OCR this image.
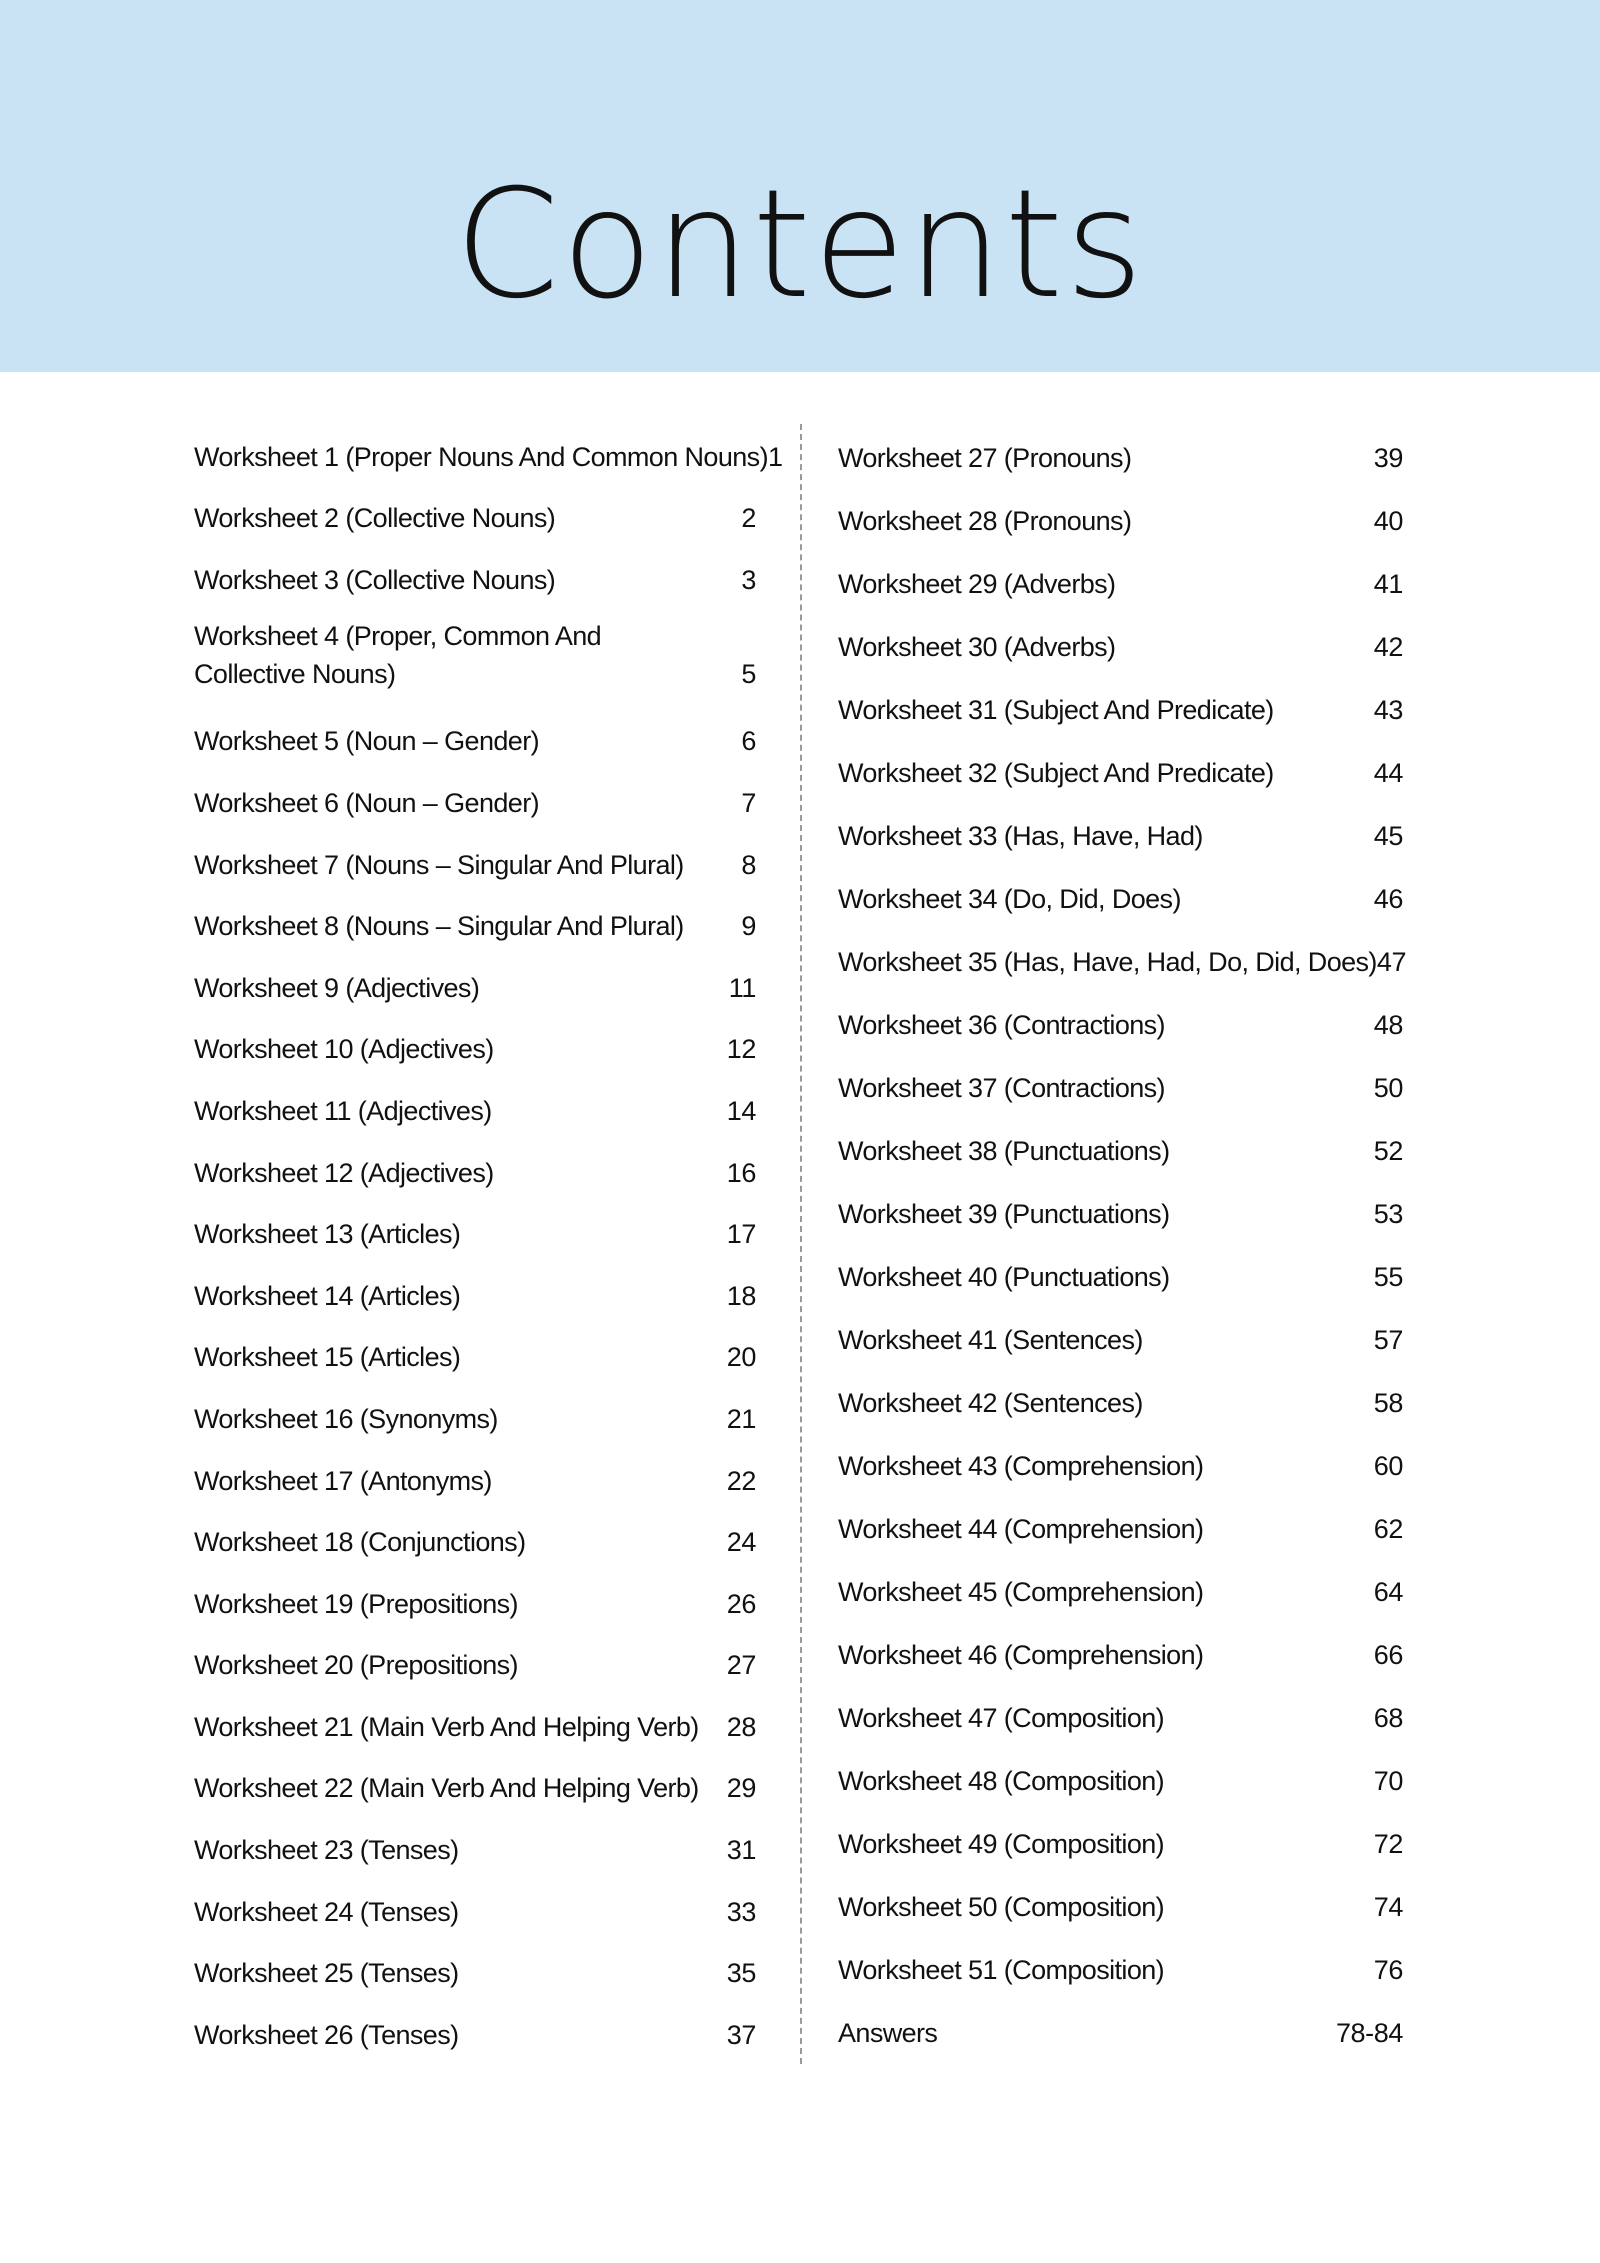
Contents
Worksheet 1 (Proper Nouns And Common Nouns) 1
Worksheet 2 (Collective Nouns)	2
Worksheet 3 (Collective Nouns)	3
Worksheet 4 (Proper, Common And Collective Nouns)	5
Worksheet 5 (Noun – Gender)	6
Worksheet 6 (Noun – Gender)	7
Worksheet 7 (Nouns – Singular And Plural) 8
Worksheet 8 (Nouns – Singular And Plural) 9
Worksheet 9 (Adjectives)	11
Worksheet 10 (Adjectives)	12
Worksheet 11 (Adjectives)	14
Worksheet 12 (Adjectives)	16
Worksheet 13 (Articles)	17
Worksheet 14 (Articles)	18
Worksheet 15 (Articles)	20
Worksheet 16 (Synonyms)	21
Worksheet 17 (Antonyms)	22
Worksheet 18 (Conjunctions)	24
Worksheet 19 (Prepositions)	26
Worksheet 20 (Prepositions)	27
Worksheet 21 (Main Verb And Helping Verb) 28
Worksheet 22 (Main Verb And Helping Verb) 29
Worksheet 23 (Tenses)	31
Worksheet 24 (Tenses)	33
Worksheet 25 (Tenses)	35
Worksheet 26 (Tenses)	37
Worksheet 27 (Pronouns)	39
Worksheet 28 (Pronouns)	40
Worksheet 29 (Adverbs)	41
Worksheet 30 (Adverbs)	42
Worksheet 31 (Subject And Predicate)	43
Worksheet 32 (Subject And Predicate)	44
Worksheet 33 (Has, Have, Had)	45
Worksheet 34 (Do, Did, Does)	46
Worksheet 35 (Has, Have, Had, Do, Did, Does) 47
Worksheet 36 (Contractions)	48
Worksheet 37 (Contractions)	50
Worksheet 38 (Punctuations)	52
Worksheet 39 (Punctuations)	53
Worksheet 40 (Punctuations)	55
Worksheet 41 (Sentences)	57
Worksheet 42 (Sentences)	58
Worksheet 43 (Comprehension)	60
Worksheet 44 (Comprehension)	62
Worksheet 45 (Comprehension)	64
Worksheet 46 (Comprehension)	66
Worksheet 47 (Composition)	68
Worksheet 48 (Composition)	70
Worksheet 49 (Composition)	72
Worksheet 50 (Composition)	74
Worksheet 51 (Composition)	76
Answers	78-84
